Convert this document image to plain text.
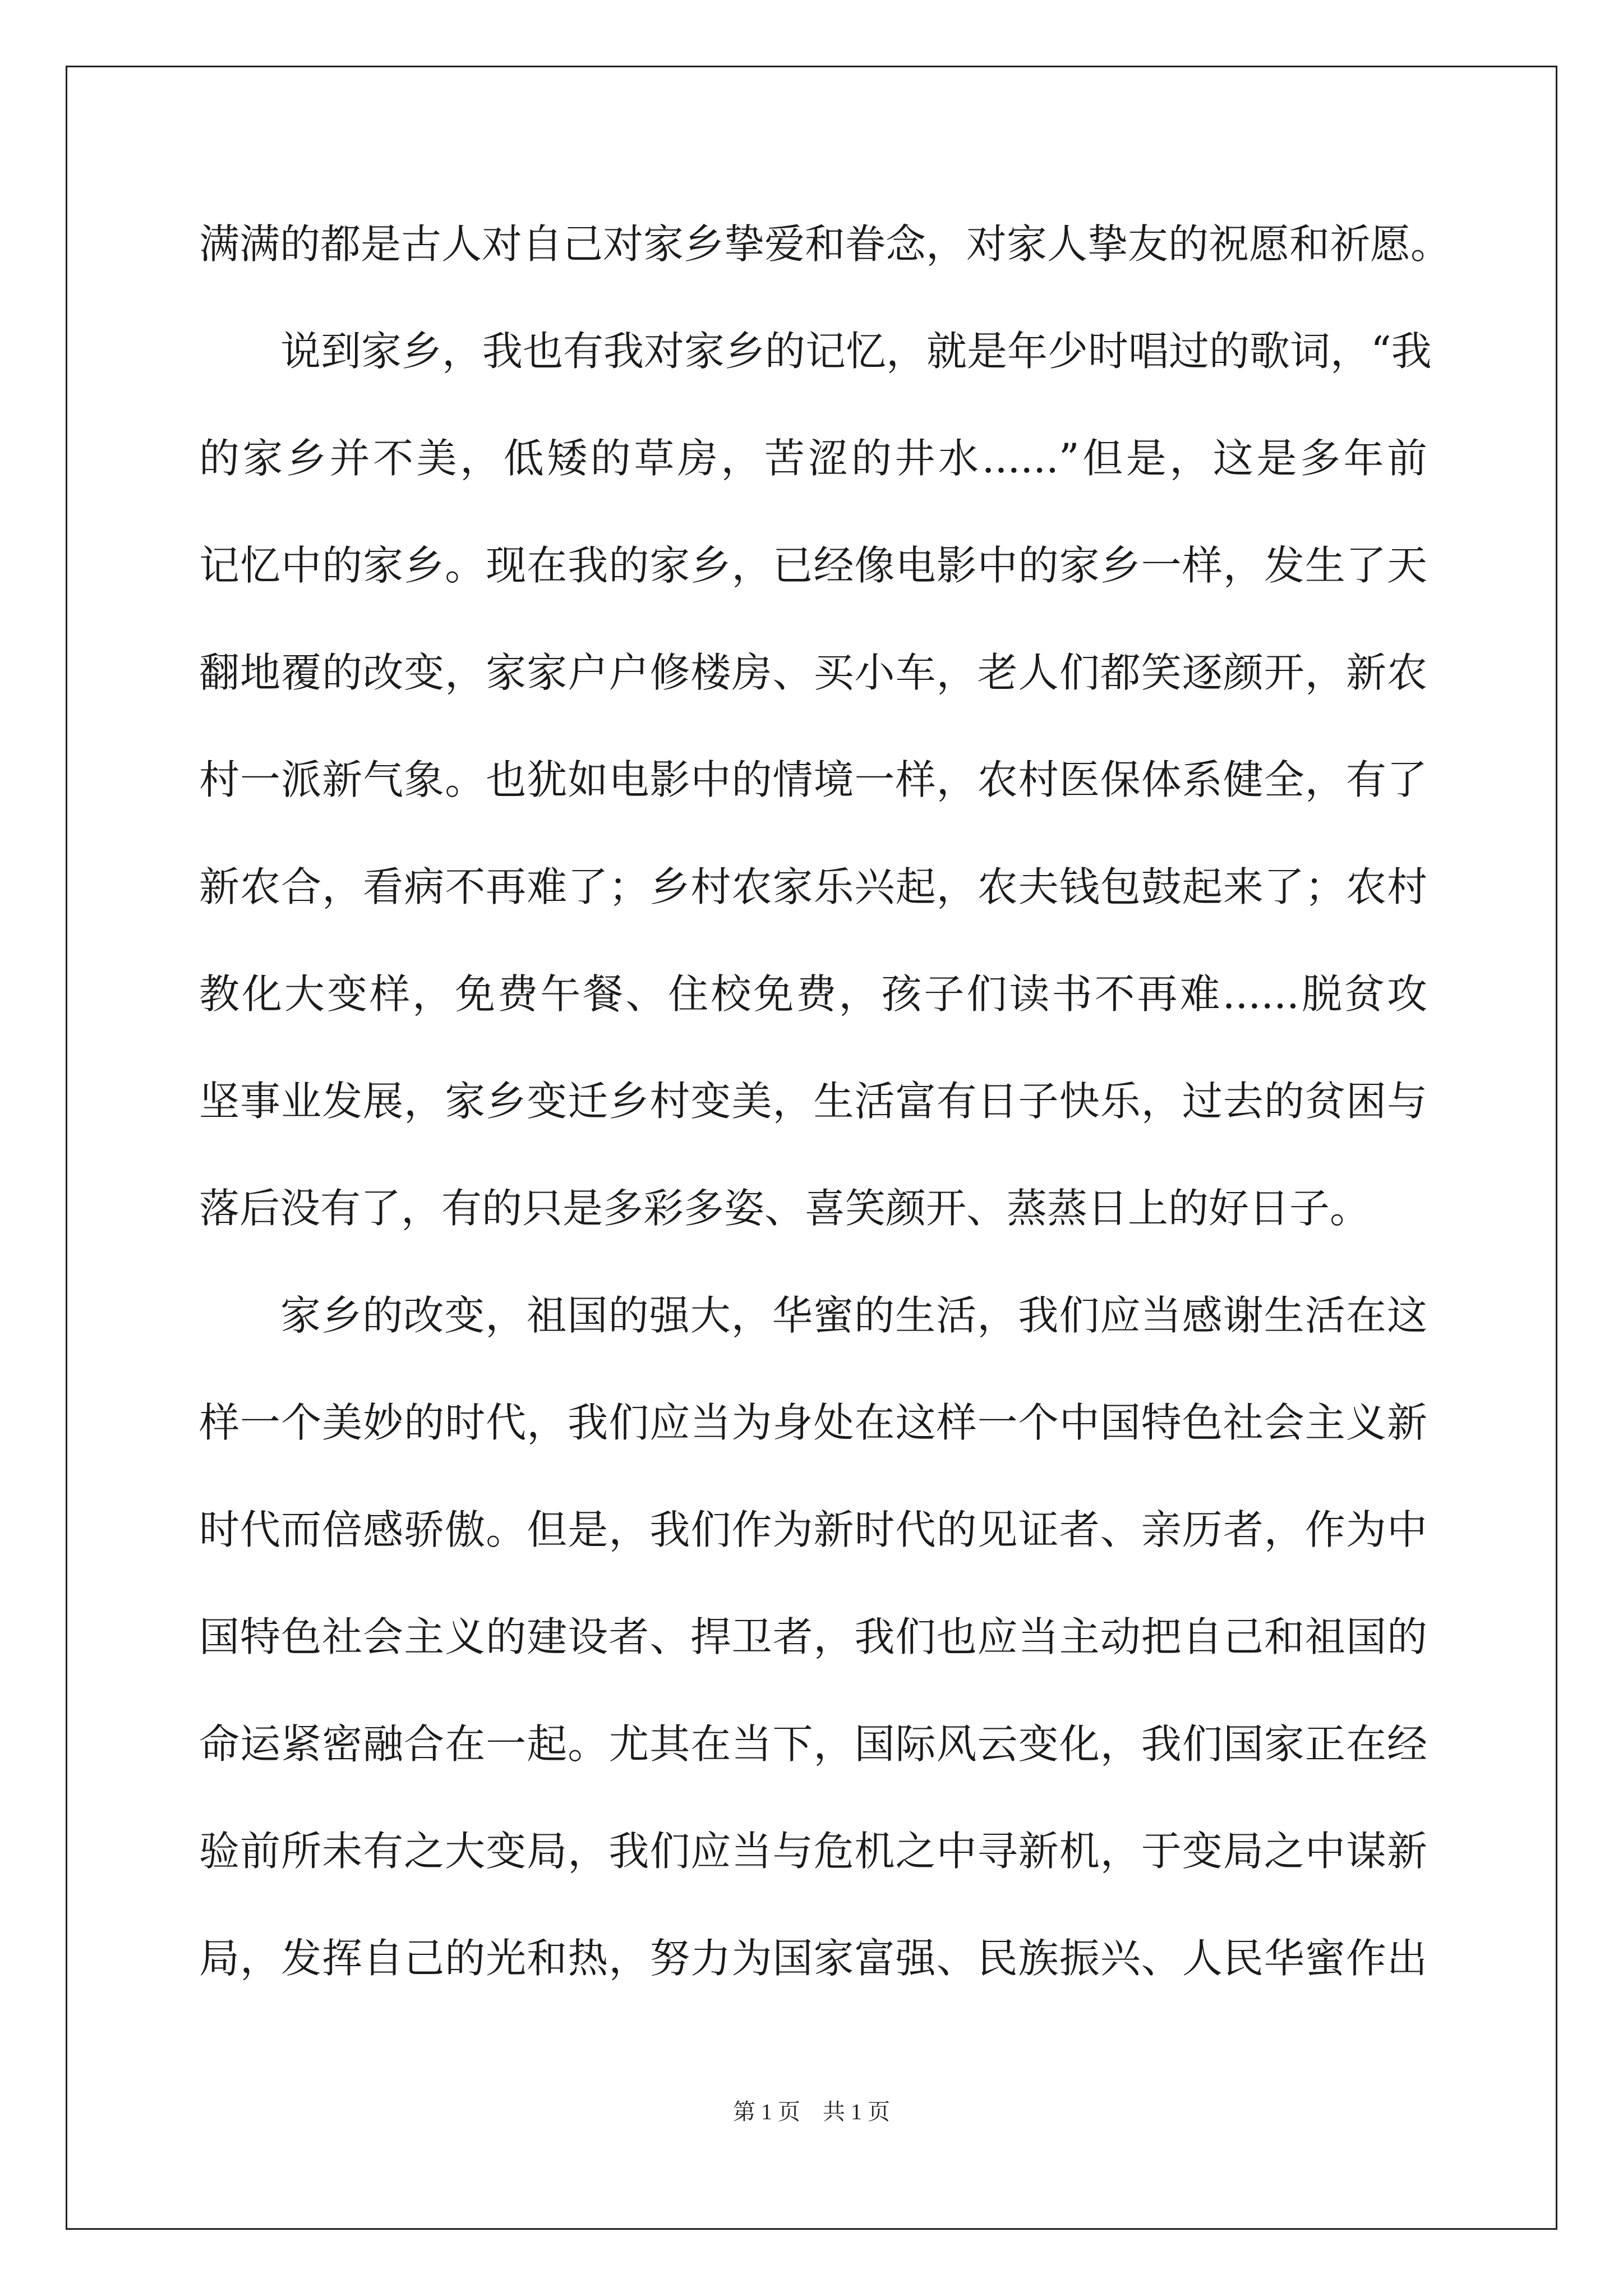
满满的都是古人对自己对家乡挚爱和眷念，对家人挚友的祝愿和祈愿。
说到家乡，我也有我对家乡的记忆，就是年少时唱过的歌词，“我
的家乡并不美，低矮的草房，苦涩的井水......”但是，这是多年前
记忆中的家乡。现在我的家乡，已经像电影中的家乡一样，发生了天
翻地覆的改变，家家户户修楼房、买小车，老人们都笑逐颜开，新农
村一派新气象。也犹如电影中的情境一样，农村医保体系健全，有了
新农合，看病不再难了；乡村农家乐兴起，农夫钱包鼓起来了；农村
教化大变样，免费午餐、住校免费，孩子们读书不再难......脱贫攻
坚事业发展，家乡变迁乡村变美，生活富有日子快乐，过去的贫困与
落后没有了，有的只是多彩多姿、喜笑颜开、蒸蒸日上的好日子。
家乡的改变，祖国的强大，华蜜的生活，我们应当感谢生活在这
样一个美妙的时代，我们应当为身处在这样一个中国特色社会主义新
时代而倍感骄傲。但是，我们作为新时代的见证者、亲历者，作为中
国特色社会主义的建设者、捍卫者，我们也应当主动把自己和祖国的
命运紧密融合在一起。尤其在当下，国际风云变化，我们国家正在经
验前所未有之大变局，我们应当与危机之中寻新机，于变局之中谋新
局，发挥自己的光和热，努力为国家富强、民族振兴、人民华蜜作出
第 1 页　共 1 页
